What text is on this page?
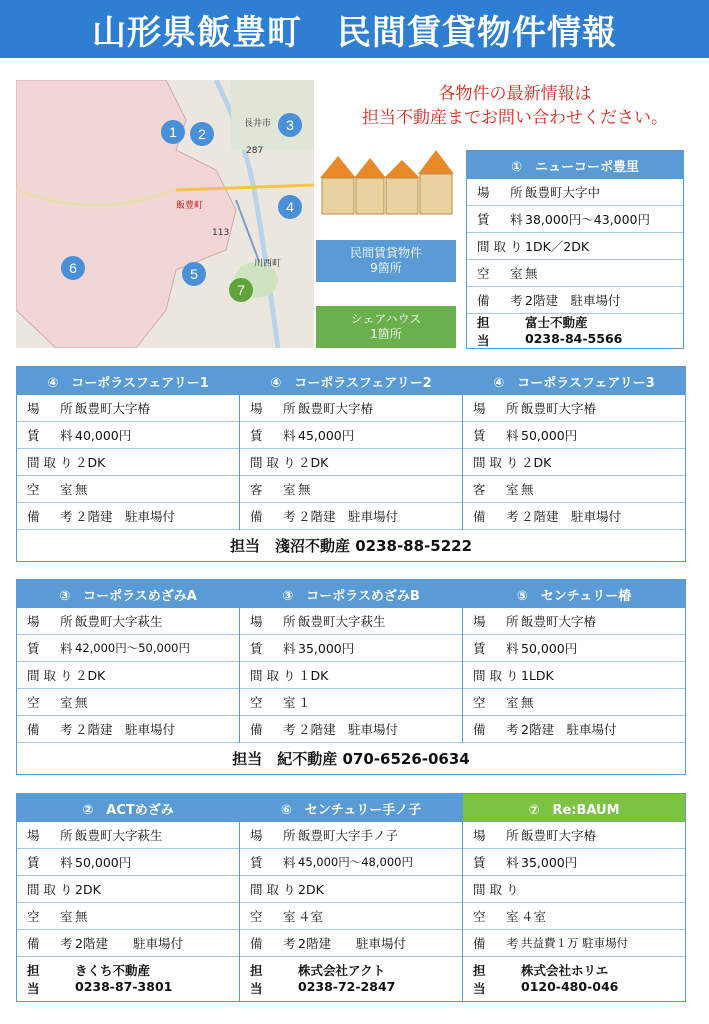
山形県飯豊町　民間賃貸物件情報
長井市
飯豊町
川西町
113
287
1	2
3
4
5
6
7
各物件の最新情報は
担当不動産までお問い合わせください。
民間賃貸物件
9箇所
シェアハウス
1箇所
①　ニューコーポ豊里
場　所
飯豊町大字中
賃　料
38,000円～43,000円
間取り
1DK／2DK
空　室
無
備　考
2階建　駐車場付
担　当
富士不動産
0238-84-5566
④　コーポラスフェアリー1
場　所
飯豊町大字椿
賃　料
40,000円
間取り
２DK
空　室
無
備　考
２階建　駐車場付
④　コーポラスフェアリー2
場　所
飯豊町大字椿
賃　料
45,000円
間取り
２DK
客　室
無
備　考
２階建　駐車場付
④　コーポラスフェアリー3
場　所
飯豊町大字椿
賃　料
50,000円
間取り
２DK
客　室
無
備　考
２階建　駐車場付
担当　淺沼不動産 0238-88-5222
③　コーポラスめざみA
場　所
飯豊町大字萩生
賃　料
42,000円～50,000円
間取り
２DK
空　室
無
備　考
２階建　駐車場付
③　コーポラスめざみB
場　所
飯豊町大字萩生
賃　料
35,000円
間取り
１DK
空　室
１
備　考
２階建　駐車場付
⑤　センチュリー椿
場　所
飯豊町大字椿
賃　料
50,000円
間取り
1LDK
空　室
無
備　考
2階建　駐車場付
担当　紀不動産 070-6526-0634
②　ACTめざみ
場　所
飯豊町大字萩生
賃　料
50,000円
間取り
2DK
空　室
無
備　考
2階建　　駐車場付
担　当
きくち不動産
0238-87-3801
⑥　センチュリー手ノ子
場　所
飯豊町大字手ノ子
賃　料
45,000円～48,000円
間取り
2DK
空　室
４室
備　考
2階建　　駐車場付
担　当
株式会社アクト
0238-72-2847
⑦　Re:BAUM
場　所
飯豊町大字椿
賃　料
35,000円
間取り
空　室
４室
備　考
共益費１万 駐車場付
担　当
株式会社ホリエ
0120-480-046
